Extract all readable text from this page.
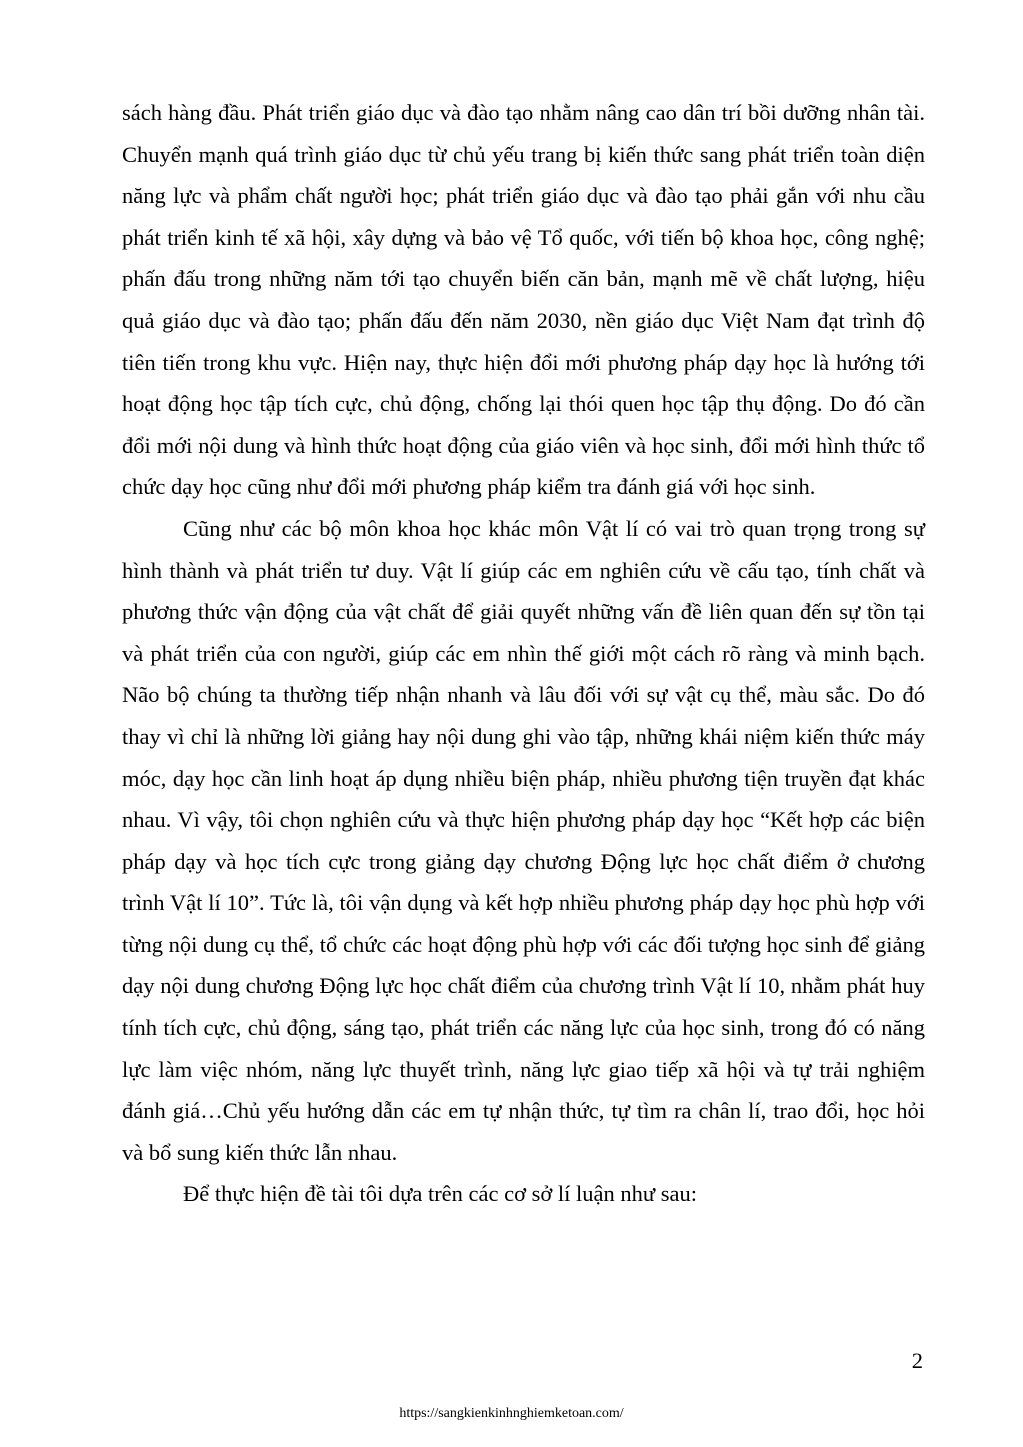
sách hàng đầu. Phát triển giáo dục và đào tạo nhằm nâng cao dân trí bồi dưỡng nhân tài. Chuyển mạnh quá trình giáo dục từ chủ yếu trang bị kiến thức sang phát triển toàn diện năng lực và phẩm chất người học; phát triển giáo dục và đào tạo phải gắn với nhu cầu phát triển kinh tế xã hội, xây dựng và bảo vệ Tổ quốc, với tiến bộ khoa học, công nghệ; phấn đấu trong những năm tới tạo chuyển biến căn bản, mạnh mẽ về chất lượng, hiệu quả giáo dục và đào tạo; phấn đấu đến năm 2030, nền giáo dục Việt Nam đạt trình độ tiên tiến trong khu vực. Hiện nay, thực hiện đổi mới phương pháp dạy học là hướng tới hoạt động học tập tích cực, chủ động, chống lại thói quen học tập thụ động. Do đó cần đổi mới nội dung và hình thức hoạt động của giáo viên và học sinh, đổi mới hình thức tổ chức dạy học cũng như đổi mới phương pháp kiểm tra đánh giá với học sinh.

Cũng như các bộ môn khoa học khác môn Vật lí có vai trò quan trọng trong sự hình thành và phát triển tư duy. Vật lí giúp các em nghiên cứu về cấu tạo, tính chất và phương thức vận động của vật chất để giải quyết những vấn đề liên quan đến sự tồn tại và phát triển của con người, giúp các em nhìn thế giới một cách rõ ràng và minh bạch. Não bộ chúng ta thường tiếp nhận nhanh và lâu đối với sự vật cụ thể, màu sắc. Do đó thay vì chỉ là những lời giảng hay nội dung ghi vào tập, những khái niệm kiến thức máy móc, dạy học cần linh hoạt áp dụng nhiều biện pháp, nhiều phương tiện truyền đạt khác nhau. Vì vậy, tôi chọn nghiên cứu và thực hiện phương pháp dạy học “Kết hợp các biện pháp dạy và học tích cực trong giảng dạy chương Động lực học chất điểm ở chương trình Vật lí 10”. Tức là, tôi vận dụng và kết hợp nhiều phương pháp dạy học phù hợp với từng nội dung cụ thể, tổ chức các hoạt động phù hợp với các đối tượng học sinh để giảng dạy nội dung chương Động lực học chất điểm của chương trình Vật lí 10, nhằm phát huy tính tích cực, chủ động, sáng tạo, phát triển các năng lực của học sinh, trong đó có năng lực làm việc nhóm, năng lực thuyết trình, năng lực giao tiếp xã hội và tự trải nghiệm đánh giá…Chủ yếu hướng dẫn các em tự nhận thức, tự tìm ra chân lí, trao đổi, học hỏi và bổ sung kiến thức lẫn nhau.

Để thực hiện đề tài tôi dựa trên các cơ sở lí luận như sau:

2
https://sangkienkinhnghiemketoan.com/
